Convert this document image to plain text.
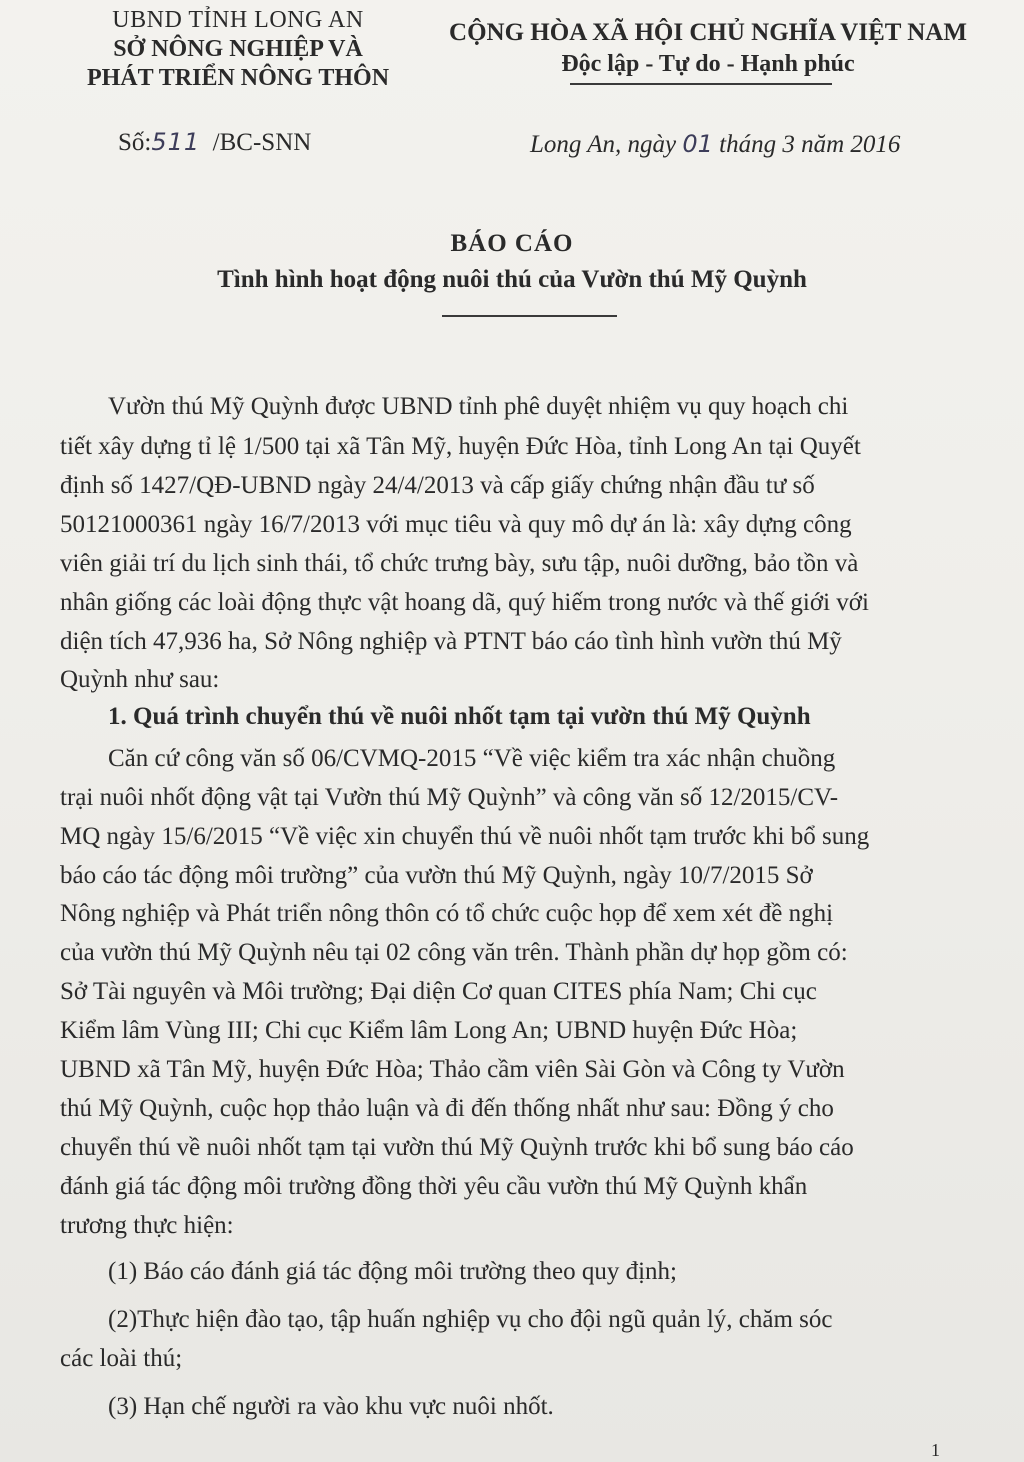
UBND TỈNH LONG AN
SỞ NÔNG NGHIỆP VÀ
PHÁT TRIỂN NÔNG THÔN
CỘNG HÒA XÃ HỘI CHỦ NGHĨA VIỆT NAM
Độc lập - Tự do - Hạnh phúc
Số:511 /BC-SNN	Long An, ngày 01 tháng 3 năm 2016
BÁO CÁO
Tình hình hoạt động nuôi thú của Vườn thú Mỹ Quỳnh
Vườn thú Mỹ Quỳnh được UBND tỉnh phê duyệt nhiệm vụ quy hoạch chi
tiết xây dựng tỉ lệ 1/500 tại xã Tân Mỹ, huyện Đức Hòa, tỉnh Long An tại Quyết
định số 1427/QĐ-UBND ngày 24/4/2013 và cấp giấy chứng nhận đầu tư số
50121000361 ngày 16/7/2013 với mục tiêu và quy mô dự án là: xây dựng công
viên giải trí du lịch sinh thái, tổ chức trưng bày, sưu tập, nuôi dưỡng, bảo tồn và
nhân giống các loài động thực vật hoang dã, quý hiếm trong nước và thế giới với
diện tích 47,936 ha, Sở Nông nghiệp và PTNT báo cáo tình hình vườn thú Mỹ
Quỳnh như sau:
1. Quá trình chuyển thú về nuôi nhốt tạm tại vườn thú Mỹ Quỳnh
Căn cứ công văn số 06/CVMQ-2015 “Về việc kiểm tra xác nhận chuồng
trại nuôi nhốt động vật tại Vườn thú Mỹ Quỳnh” và công văn số 12/2015/CV-
MQ ngày 15/6/2015 “Về việc xin chuyển thú về nuôi nhốt tạm trước khi bổ sung
báo cáo tác động môi trường” của vườn thú Mỹ Quỳnh, ngày 10/7/2015 Sở
Nông nghiệp và Phát triển nông thôn có tổ chức cuộc họp để xem xét đề nghị
của vườn thú Mỹ Quỳnh nêu tại 02 công văn trên. Thành phần dự họp gồm có:
Sở Tài nguyên và Môi trường; Đại diện Cơ quan CITES phía Nam; Chi cục
Kiểm lâm Vùng III; Chi cục Kiểm lâm Long An; UBND huyện Đức Hòa;
UBND xã Tân Mỹ, huyện Đức Hòa; Thảo cầm viên Sài Gòn và Công ty Vườn
thú Mỹ Quỳnh, cuộc họp thảo luận và đi đến thống nhất như sau: Đồng ý cho
chuyển thú về nuôi nhốt tạm tại vườn thú Mỹ Quỳnh trước khi bổ sung báo cáo
đánh giá tác động môi trường đồng thời yêu cầu vườn thú Mỹ Quỳnh khẩn
trương thực hiện:
(1) Báo cáo đánh giá tác động môi trường theo quy định;
(2)Thực hiện đào tạo, tập huấn nghiệp vụ cho đội ngũ quản lý, chăm sóc
các loài thú;
(3) Hạn chế người ra vào khu vực nuôi nhốt.
1
